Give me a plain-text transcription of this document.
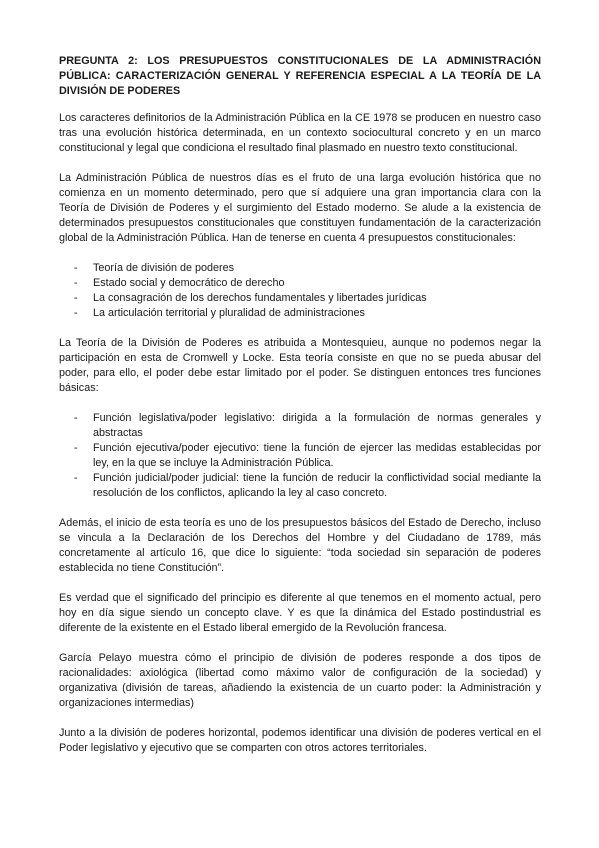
PREGUNTA 2: LOS PRESUPUESTOS CONSTITUCIONALES DE LA ADMINISTRACIÓN PÚBLICA: CARACTERIZACIÓN GENERAL Y REFERENCIA ESPECIAL A LA TEORÍA DE LA DIVISIÓN DE PODERES

Los caracteres definitorios de la Administración Pública en la CE 1978 se producen en nuestro caso tras una evolución histórica determinada, en un contexto sociocultural concreto y en un marco constitucional y legal que condiciona el resultado final plasmado en nuestro texto constitucional.

La Administración Pública de nuestros días es el fruto de una larga evolución histórica que no comienza en un momento determinado, pero que sí adquiere una gran importancia clara con la Teoría de División de Poderes y el surgimiento del Estado moderno. Se alude a la existencia de determinados presupuestos constitucionales que constituyen fundamentación de la caracterización global de la Administración Pública. Han de tenerse en cuenta 4 presupuestos constitucionales:

- Teoría de división de poderes
- Estado social y democrático de derecho
- La consagración de los derechos fundamentales y libertades jurídicas
- La articulación territorial y pluralidad de administraciones

La Teoría de la División de Poderes es atribuida a Montesquieu, aunque no podemos negar la participación en esta de Cromwell y Locke. Esta teoría consiste en que no se pueda abusar del poder, para ello, el poder debe estar limitado por el poder. Se distinguen entonces tres funciones básicas:

- Función legislativa/poder legislativo: dirigida a la formulación de normas generales y abstractas
- Función ejecutiva/poder ejecutivo: tiene la función de ejercer las medidas establecidas por ley, en la que se incluye la Administración Pública.
- Función judicial/poder judicial: tiene la función de reducir la conflictividad social mediante la resolución de los conflictos, aplicando la ley al caso concreto.

Además, el inicio de esta teoría es uno de los presupuestos básicos del Estado de Derecho, incluso se vincula a la Declaración de los Derechos del Hombre y del Ciudadano de 1789, más concretamente al artículo 16, que dice lo siguiente: “toda sociedad sin separación de poderes establecida no tiene Constitución”.

Es verdad que el significado del principio es diferente al que tenemos en el momento actual, pero hoy en día sigue siendo un concepto clave. Y es que la dinámica del Estado postindustrial es diferente de la existente en el Estado liberal emergido de la Revolución francesa.

García Pelayo muestra cómo el principio de división de poderes responde a dos tipos de racionalidades: axiológica (libertad como máximo valor de configuración de la sociedad) y organizativa (división de tareas, añadiendo la existencia de un cuarto poder: la Administración y organizaciones intermedias)

Junto a la división de poderes horizontal, podemos identificar una división de poderes vertical en el Poder legislativo y ejecutivo que se comparten con otros actores territoriales.
